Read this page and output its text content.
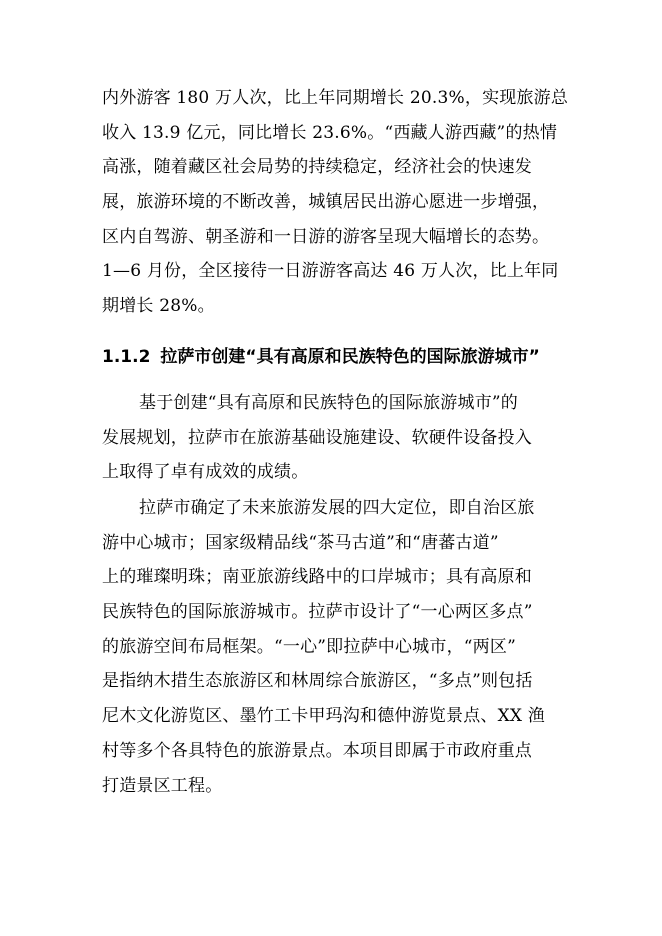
内外游客 180 万人次，比上年同期增长 20.3%，实现旅游总
收入 13.9 亿元，同比增长 23.6%。“西藏人游西藏”的热情
高涨，随着藏区社会局势的持续稳定，经济社会的快速发
展，旅游环境的不断改善，城镇居民出游心愿进一步增强，
区内自驾游、朝圣游和一日游的游客呈现大幅增长的态势。
1—6 月份，全区接待一日游游客高达 46 万人次，比上年同
期增长 28%。
1.1.2 拉萨市创建“具有高原和民族特色的国际旅游城市”
基于创建“具有高原和民族特色的国际旅游城市”的
发展规划，拉萨市在旅游基础设施建设、软硬件设备投入
上取得了卓有成效的成绩。
拉萨市确定了未来旅游发展的四大定位，即自治区旅
游中心城市；国家级精品线“茶马古道”和“唐蕃古道”
上的璀璨明珠；南亚旅游线路中的口岸城市；具有高原和
民族特色的国际旅游城市。拉萨市设计了“一心两区多点”
的旅游空间布局框架。“一心”即拉萨中心城市，“两区”
是指纳木措生态旅游区和林周综合旅游区，“多点”则包括
尼木文化游览区、墨竹工卡甲玛沟和德仲游览景点、XX 渔
村等多个各具特色的旅游景点。本项目即属于市政府重点
打造景区工程。
